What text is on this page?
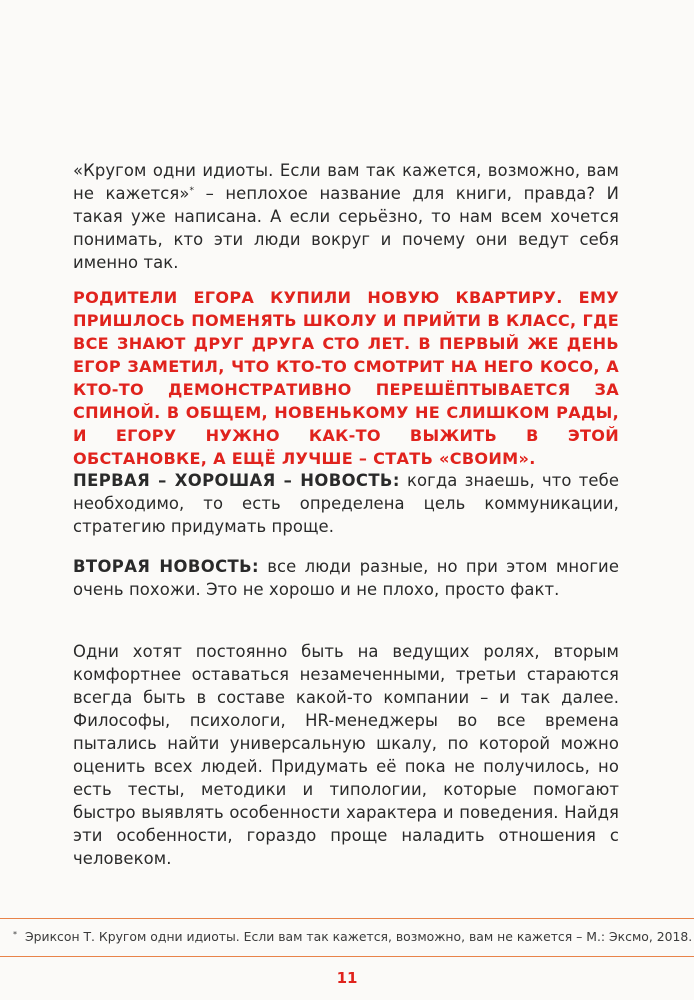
«Кругом одни идиоты. Если вам так кажется, возможно, вам не кажется»* – неплохое название для книги, правда? И такая уже написана. А если серьёзно, то нам всем хочется понимать, кто эти люди вокруг и почему они ведут себя именно так.

РОДИТЕЛИ ЕГОРА КУПИЛИ НОВУЮ КВАРТИРУ. ЕМУ ПРИШЛОСЬ ПОМЕНЯТЬ ШКОЛУ И ПРИЙТИ В КЛАСС, ГДЕ ВСЕ ЗНАЮТ ДРУГ ДРУГА СТО ЛЕТ. В ПЕРВЫЙ ЖЕ ДЕНЬ ЕГОР ЗАМЕТИЛ, ЧТО КТО-ТО СМОТРИТ НА НЕГО КОСО, А КТО-ТО ДЕМОНСТРАТИВНО ПЕРЕШЁПТЫВАЕТСЯ ЗА СПИНОЙ. В ОБЩЕМ, НОВЕНЬКОМУ НЕ СЛИШКОМ РАДЫ, И ЕГОРУ НУЖНО КАК-ТО ВЫЖИТЬ В ЭТОЙ ОБСТАНОВКЕ, А ЕЩЁ ЛУЧШЕ – СТАТЬ «СВОИМ».

ПЕРВАЯ – ХОРОШАЯ – НОВОСТЬ: когда знаешь, что тебе необходимо, то есть определена цель коммуникации, стратегию придумать проще.

ВТОРАЯ НОВОСТЬ: все люди разные, но при этом многие очень похожи. Это не хорошо и не плохо, просто факт.

Одни хотят постоянно быть на ведущих ролях, вторым комфортнее оставаться незамеченными, третьи стараются всегда быть в составе какой-то компании – и так далее. Философы, психологи, HR-менеджеры во все времена пытались найти универсальную шкалу, по которой можно оценить всех людей. Придумать её пока не получилось, но есть тесты, методики и типологии, которые помогают быстро выявлять особенности характера и поведения. Найдя эти особенности, гораздо проще наладить отношения с человеком.

* Эриксон Т. Кругом одни идиоты. Если вам так кажется, возможно, вам не кажется – М.: Эксмо, 2018.
11
